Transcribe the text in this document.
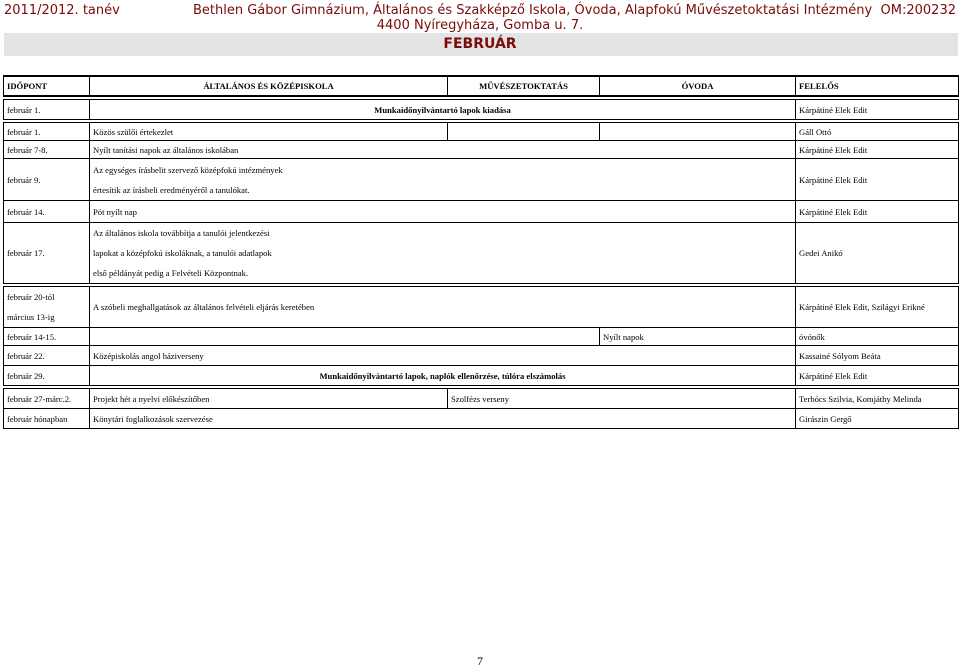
2011/2012. tanév	Bethlen Gábor Gimnázium, Általános és Szakképző Iskola, Óvoda, Alapfokú Művészetoktatási Intézmény OM:200232
4400 Nyíregyháza, Gomba u. 7.
FEBRUÁR
IDŐPONT	ÁLTALÁNOS ÉS KÖZÉPISKOLA	MŰVÉSZETOKTATÁS	ÓVODA	FELELŐS

február 1.	Munkaidőnyilvántartó lapok kiadása			Kárpátiné Elek Edit

február 1.	Közös szülői értekezlet			Gáll Ottó
február 7-8.	Nyílt tanítási napok az általános iskolában			Kárpátiné Elek Edit
február 9.	Az egységes írásbelit szervező középfokú intézmények
értesítik az írásbeli eredményéről a tanulókat.			Kárpátiné Elek Edit
február 14.	Pót nyílt nap			Kárpátiné Elek Edit
február 17.	Az általános iskola továbbítja a tanulói jelentkezési
lapokat a középfokú iskoláknak, a tanulói adatlapok
első példányát pedig a Felvételi Központnak.			Gedei Anikó

február 20-tól
március 13-ig	A szóbeli meghallgatások az általános felvételi eljárás keretében			Kárpátiné Elek Edit, Szilágyi Erikné
február 14-15.			Nyílt napok	óvónők
február 22.	Középiskolás angol háziverseny			Kassainé Sólyom Beáta
február 29.	Munkaidőnyilvántartó lapok, naplók ellenőrzése, túlóra elszámolás			Kárpátiné Elek Edit

február 27-márc.2.	Projekt hét a nyelvi előkészítőben	Szolfézs verseny		Terbócs Szilvia, Komjáthy Melinda
február hónapban	Könytári foglalkozások szervezése			Girászin Gergő
7
